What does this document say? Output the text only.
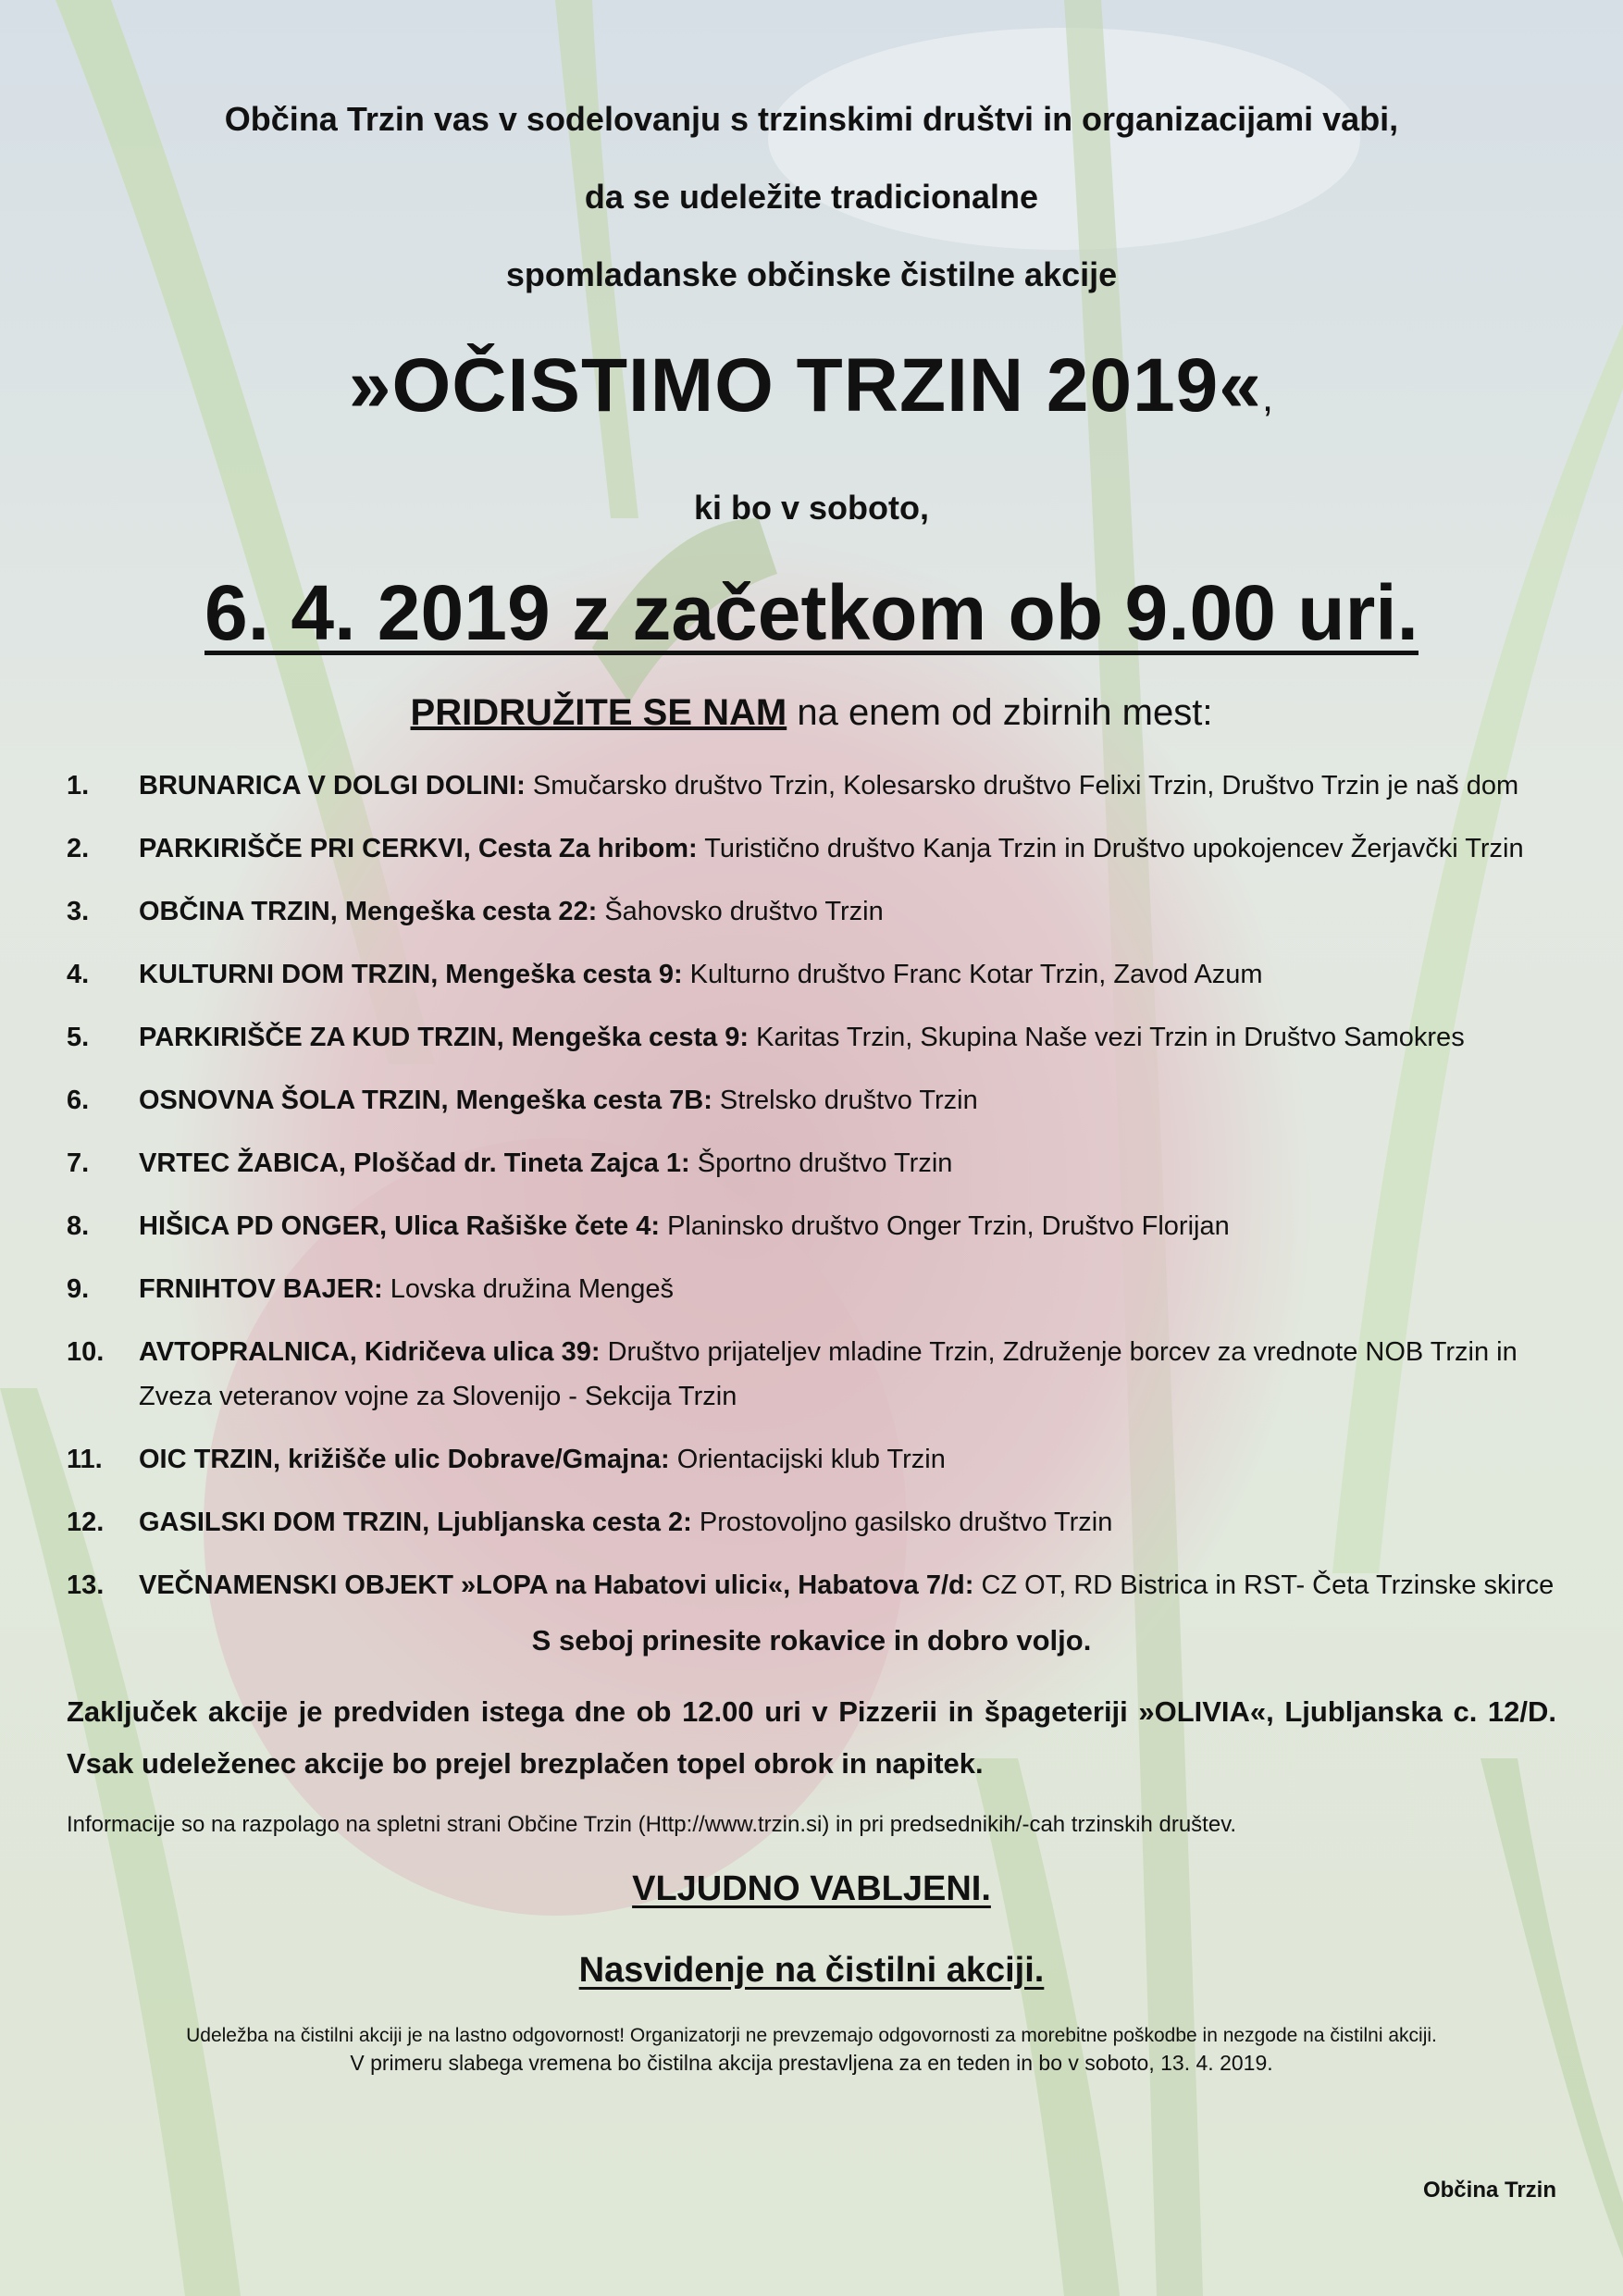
Občina Trzin vas v sodelovanju s trzinskimi društvi in organizacijami vabi,
da se udeležite tradicionalne
spomladanske občinske čistilne akcije
»OČISTIMO TRZIN 2019«,
ki bo v soboto,
6. 4. 2019 z začetkom ob 9.00 uri.
PRIDRUŽITE SE NAM na enem od zbirnih mest:
1. BRUNARICA V DOLGI DOLINI: Smučarsko društvo Trzin, Kolesarsko društvo Felixi Trzin, Društvo Trzin je naš dom
2. PARKIRIŠČE PRI CERKVI, Cesta Za hribom: Turistično društvo Kanja Trzin in Društvo upokojencev Žerjavčki Trzin
3. OBČINA TRZIN, Mengeška cesta 22: Šahovsko društvo Trzin
4. KULTURNI DOM TRZIN, Mengeška cesta 9: Kulturno društvo Franc Kotar Trzin, Zavod Azum
5. PARKIRIŠČE ZA KUD TRZIN, Mengeška cesta 9: Karitas Trzin, Skupina Naše vezi Trzin in Društvo Samokres
6. OSNOVNA ŠOLA TRZIN, Mengeška cesta 7B: Strelsko društvo Trzin
7. VRTEC ŽABICA, Ploščad dr. Tineta Zajca 1: Športno društvo Trzin
8. HIŠICA PD ONGER, Ulica Rašiške čete 4: Planinsko društvo Onger Trzin, Društvo Florijan
9. FRNIHTOV BAJER: Lovska družina Mengeš
10. AVTOPRALNICA, Kidričeva ulica 39: Društvo prijateljev mladine Trzin, Združenje borcev za vrednote NOB Trzin in Zveza veteranov vojne za Slovenijo - Sekcija Trzin
11. OIC TRZIN, križišče ulic Dobrave/Gmajna: Orientacijski klub Trzin
12. GASILSKI DOM TRZIN, Ljubljanska cesta 2: Prostovoljno gasilsko društvo Trzin
13. VEČNAMENSKI OBJEKT »LOPA na Habatovi ulici«, Habatova 7/d: CZ OT, RD Bistrica in RST- Četa Trzinske skirce
S seboj prinesite rokavice in dobro voljo.
Zaključek akcije je predviden istega dne ob 12.00 uri v Pizzerii in špageteriji »OLIVIA«, Ljubljanska c. 12/D. Vsak udeleženec akcije bo prejel brezplačen topel obrok in napitek.
Informacije so na razpolago na spletni strani Občine Trzin (Http://www.trzin.si) in pri predsednikih/-cah trzinskih društev.
VLJUDNO VABLJENI.
Nasvidenje na čistilni akciji.
Udeležba na čistilni akciji je na lastno odgovornost! Organizatorji ne prevzemajo odgovornosti za morebitne poškodbe in nezgode na čistilni akciji.
V primeru slabega vremena bo čistilna akcija prestavljena za en teden in bo v soboto, 13. 4. 2019.
Občina Trzin
